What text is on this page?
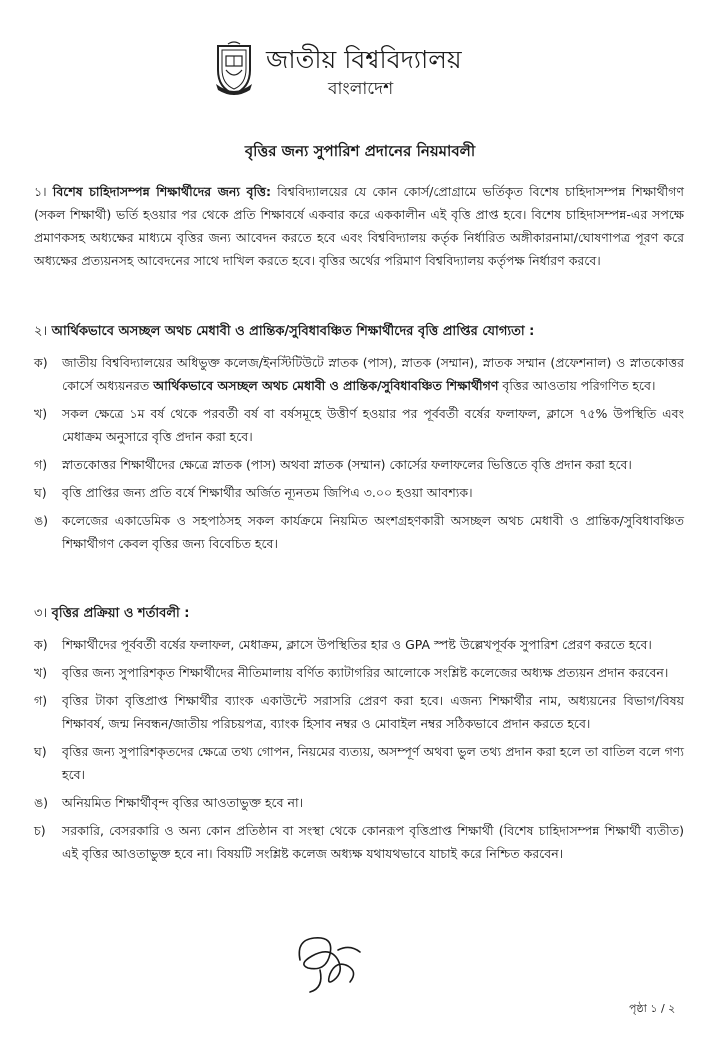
জাতীয় বিশ্ববিদ্যালয়
বাংলাদেশ
বৃত্তির জন্য সুপারিশ প্রদানের নিয়মাবলী

১। বিশেষ চাহিদাসম্পন্ন শিক্ষার্থীদের জন্য বৃত্তি: বিশ্ববিদ্যালয়ের যে কোন কোর্স/প্রোগ্রামে ভর্তিকৃত বিশেষ চাহিদাসম্পন্ন শিক্ষার্থীগণ (সকল শিক্ষার্থী) ভর্তি হওয়ার পর থেকে প্রতি শিক্ষাবর্ষে একবার করে এককালীন এই বৃত্তি প্রাপ্ত হবে। বিশেষ চাহিদাসম্পন্ন-এর সপক্ষে প্রমাণকসহ অধ্যক্ষের মাধ্যমে বৃত্তির জন্য আবেদন করতে হবে এবং বিশ্ববিদ্যালয় কর্তৃক নির্ধারিত অঙ্গীকারনামা/ঘোষণাপত্র পূরণ করে অধ্যক্ষের প্রত্যয়নসহ আবেদনের সাথে দাখিল করতে হবে। বৃত্তির অর্থের পরিমাণ বিশ্ববিদ্যালয় কর্তৃপক্ষ নির্ধারণ করবে।

২। আর্থিকভাবে অসচ্ছল অথচ মেধাবী ও প্রান্তিক/সুবিধাবঞ্চিত শিক্ষার্থীদের বৃত্তি প্রাপ্তির যোগ্যতা :
ক) জাতীয় বিশ্ববিদ্যালয়ের অধিভুক্ত কলেজ/ইনস্টিটিউটে স্নাতক (পাস), স্নাতক (সম্মান), স্নাতক সম্মান (প্রফেশনাল) ও স্নাতকোত্তর কোর্সে অধ্যয়নরত আর্থিকভাবে অসচ্ছল অথচ মেধাবী ও প্রান্তিক/সুবিধাবঞ্চিত শিক্ষার্থীগণ বৃত্তির আওতায় পরিগণিত হবে।
খ) সকল ক্ষেত্রে ১ম বর্ষ থেকে পরবর্তী বর্ষ বা বর্ষসমূহে উত্তীর্ণ হওয়ার পর পূর্ববর্তী বর্ষের ফলাফল, ক্লাসে ৭৫% উপস্থিতি এবং মেধাক্রম অনুসারে বৃত্তি প্রদান করা হবে।
গ) স্নাতকোত্তর শিক্ষার্থীদের ক্ষেত্রে স্নাতক (পাস) অথবা স্নাতক (সম্মান) কোর্সের ফলাফলের ভিত্তিতে বৃত্তি প্রদান করা হবে।
ঘ) বৃত্তি প্রাপ্তির জন্য প্রতি বর্ষে শিক্ষার্থীর অর্জিত ন্যূনতম জিপিএ ৩.০০ হওয়া আবশ্যক।
ঙ) কলেজের একাডেমিক ও সহপাঠসহ সকল কার্যক্রমে নিয়মিত অংশগ্রহণকারী অসচ্ছল অথচ মেধাবী ও প্রান্তিক/সুবিধাবঞ্চিত শিক্ষার্থীগণ কেবল বৃত্তির জন্য বিবেচিত হবে।
৩। বৃত্তির প্রক্রিয়া ও শর্তাবলী :
ক) শিক্ষার্থীদের পূর্ববর্তী বর্ষের ফলাফল, মেধাক্রম, ক্লাসে উপস্থিতির হার ও GPA স্পষ্ট উল্লেখপূর্বক সুপারিশ প্রেরণ করতে হবে।
খ) বৃত্তির জন্য সুপারিশকৃত শিক্ষার্থীদের নীতিমালায় বর্ণিত ক্যাটাগরির আলোকে সংশ্লিষ্ট কলেজের অধ্যক্ষ প্রত্যয়ন প্রদান করবেন।
গ) বৃত্তির টাকা বৃত্তিপ্রাপ্ত শিক্ষার্থীর ব্যাংক একাউন্টে সরাসরি প্রেরণ করা হবে। এজন্য শিক্ষার্থীর নাম, অধ্যয়নের বিভাগ/বিষয় শিক্ষাবর্ষ, জন্ম নিবন্ধন/জাতীয় পরিচয়পত্র, ব্যাংক হিসাব নম্বর ও মোবাইল নম্বর সঠিকভাবে প্রদান করতে হবে।
ঘ) বৃত্তির জন্য সুপারিশকৃতদের ক্ষেত্রে তথ্য গোপন, নিয়মের ব্যত্যয়, অসম্পূর্ণ অথবা ভুল তথ্য প্রদান করা হলে তা বাতিল বলে গণ্য হবে।
ঙ) অনিয়মিত শিক্ষার্থীবৃন্দ বৃত্তির আওতাভুক্ত হবে না।
চ) সরকারি, বেসরকারি ও অন্য কোন প্রতিষ্ঠান বা সংস্থা থেকে কোনরূপ বৃত্তিপ্রাপ্ত শিক্ষার্থী (বিশেষ চাহিদাসম্পন্ন শিক্ষার্থী ব্যতীত) এই বৃত্তির আওতাভুক্ত হবে না। বিষয়টি সংশ্লিষ্ট কলেজ অধ্যক্ষ যথাযথভাবে যাচাই করে নিশ্চিত করবেন।
পৃষ্ঠা ১ / ২
